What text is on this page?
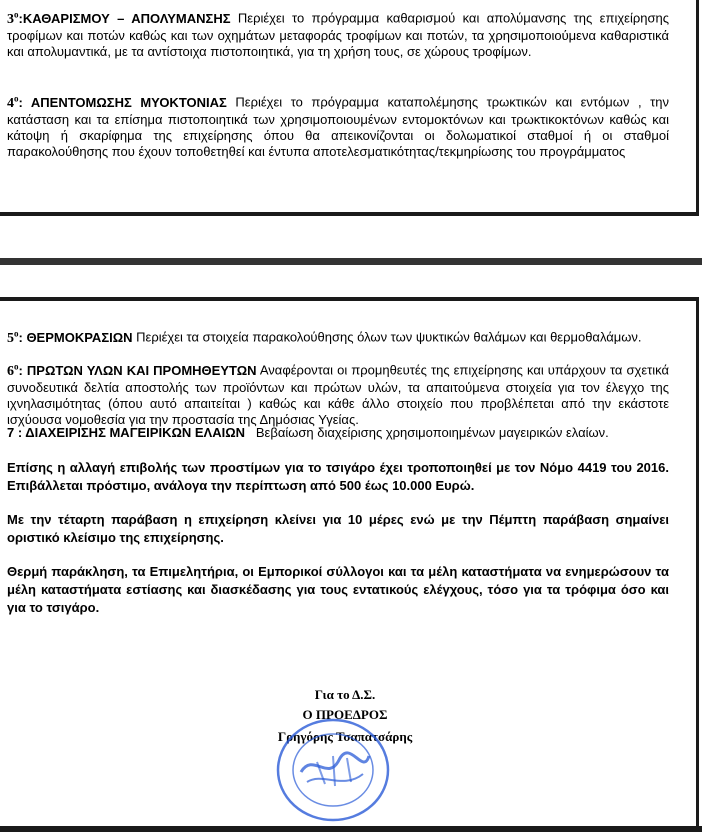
$3^o:KA\Theta API\Sigma MO\Upsilon$ – ΑΠΟΛΥΜΑΝΣΗΣ Περιέχει το πρόγραμμα καθαρισμού και απολύμανσης της επιχείρησης τροφίμων και ποτών καθώς και των οχημάτων μεταφοράς τροφίμων και ποτών, τα χρησιμοποιούμενα καθαριστικά και απολυμαντικά, με τα αντίστοιχα πιστοποιητικά, για τη χρήση τους, σε χώρους τροφίμων.
$4^o$: ΑΠΕΝΤΟΜΩΣΗΣ ΜΥΟΚΤΟΝΙΑΣ Περιέχει το πρόγραμμα καταπολέμησης τρωκτικών και εντόμων , την κατάσταση και τα επίσημα πιστοποιητικά των χρησιμοποιουμένων εντομοκτόνων και τρωκτικοκτόνων καθώς και κάτοψη ή σκαρίφημα της επιχείρησης όπου θα απεικονίζονται οι δολωματικοί σταθμοί ή οι σταθμοί παρακολούθησης που έχουν τοποθετηθεί και έντυπα αποτελεσματικότητας/τεκμηρίωσης του προγράμματος
$5^o$: ΘΕΡΜΟΚΡΑΣΙΩΝ Περιέχει τα στοιχεία παρακολούθησης όλων των ψυκτικών θαλάμων και θερμοθαλάμων.
$6^o$: ΠΡΩΤΩΝ ΥΛΩΝ ΚΑΙ ΠΡΟΜΗΘΕΥΤΩΝ Αναφέρονται οι προμηθευτές της επιχείρησης και υπάρχουν τα σχετικά συνοδευτικά δελτία αποστολής των προϊόντων και πρώτων υλών, τα απαιτούμενα στοιχεία για τον έλεγχο της ιχνηλασιμότητας (όπου αυτό απαιτείται ) καθώς και κάθε άλλο στοιχείο που προβλέπεται από την εκάστοτε ισχύουσα νομοθεσία για την προστασία της Δημόσιας Υγείας.
7 : ΔΙΑΧΕΙΡΙΣΗΣ ΜΑΓΕΙΡΙΚΩΝ ΕΛΑΙΩΝ Βεβαίωση διαχείρισης χρησιμοποιημένων μαγειρικών ελαίων.
Επίσης η αλλαγή επιβολής των προστίμων για το τσιγάρο έχει τροποποιηθεί με τον Νόμο 4419 του 2016. Επιβάλλεται πρόστιμο, ανάλογα την περίπτωση από 500 έως 10.000 Ευρώ.
Με την τέταρτη παράβαση η επιχείρηση κλείνει για 10 μέρες ενώ με την Πέμπτη παράβαση σημαίνει οριστικό κλείσιμο της επιχείρησης.
Θερμή παράκληση, τα Επιμελητήρια, οι Εμπορικοί σύλλογοι και τα μέλη καταστήματα να ενημερώσουν τα μέλη καταστήματα εστίασης και διασκέδασης για τους εντατικούς ελέγχους, τόσο για τα τρόφιμα όσο και για το τσιγάρο.
Για το Δ.Σ.
Ο ΠΡΟΕΔΡΟΣ
Γρηγόρης Τσαπατσάρης
